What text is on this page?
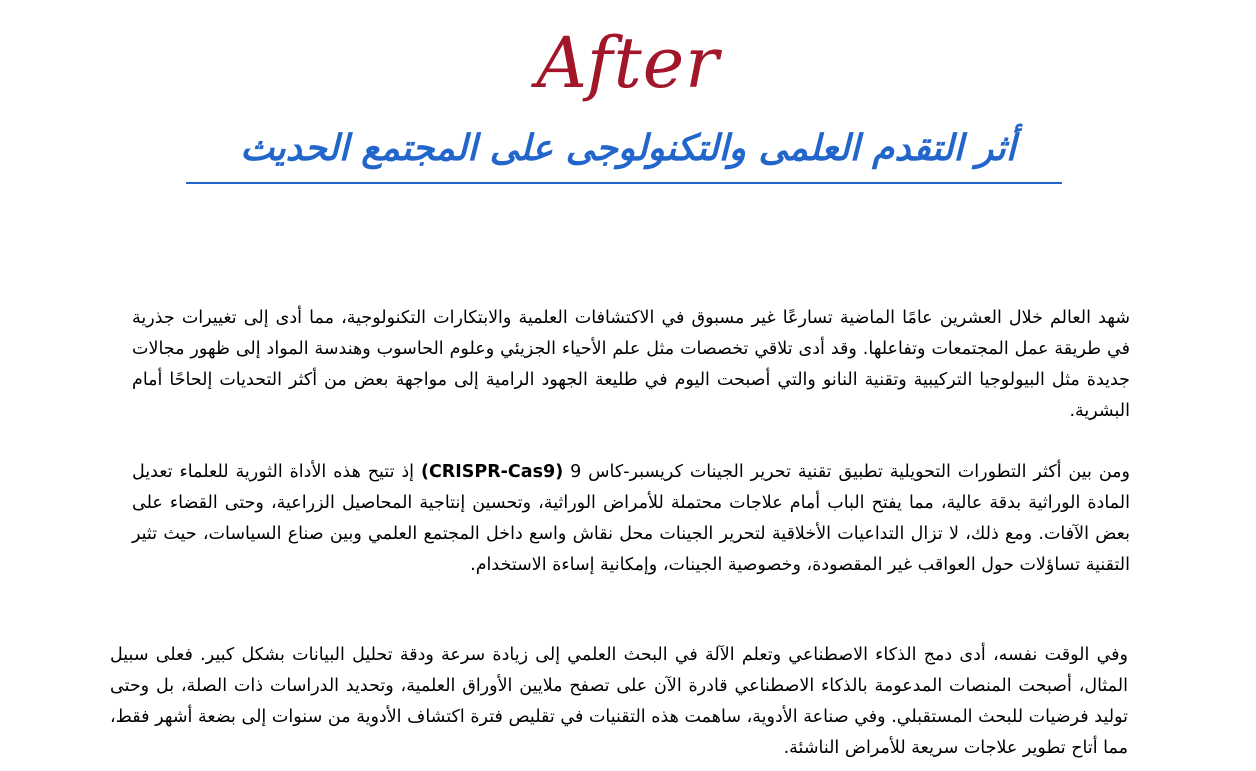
After
أثر التقدم العلمى والتكنولوجى على المجتمع الحديث

شهد العالم خلال العشرين عامًا الماضية تسارعًا غير مسبوق في الاكتشافات العلمية والابتكارات التكنولوجية، مما أدى إلى تغييرات جذرية في طريقة عمل المجتمعات وتفاعلها. وقد أدى تلاقي تخصصات مثل علم الأحياء الجزيئي وعلوم الحاسوب وهندسة المواد إلى ظهور مجالات جديدة مثل البيولوجيا التركيبية وتقنية النانو والتي أصبحت اليوم في طليعة الجهود الرامية إلى مواجهة بعض من أكثر التحديات إلحاحًا أمام البشرية.

ومن بين أكثر التطورات التحويلية تطبيق تقنية تحرير الجينات كريسبر-كاس 9 (CRISPR-Cas9) إذ تتيح هذه الأداة الثورية للعلماء تعديل المادة الوراثية بدقة عالية، مما يفتح الباب أمام علاجات محتملة للأمراض الوراثية، وتحسين إنتاجية المحاصيل الزراعية، وحتى القضاء على بعض الآفات. ومع ذلك، لا تزال التداعيات الأخلاقية لتحرير الجينات محل نقاش واسع داخل المجتمع العلمي وبين صناع السياسات، حيث تثير التقنية تساؤلات حول العواقب غير المقصودة، وخصوصية الجينات، وإمكانية إساءة الاستخدام.

وفي الوقت نفسه، أدى دمج الذكاء الاصطناعي وتعلم الآلة في البحث العلمي إلى زيادة سرعة ودقة تحليل البيانات بشكل كبير. فعلى سبيل المثال، أصبحت المنصات المدعومة بالذكاء الاصطناعي قادرة الآن على تصفح ملايين الأوراق العلمية، وتحديد الدراسات ذات الصلة، بل وحتى توليد فرضيات للبحث المستقبلي. وفي صناعة الأدوية، ساهمت هذه التقنيات في تقليص فترة اكتشاف الأدوية من سنوات إلى بضعة أشهر فقط، مما أتاح تطوير علاجات سريعة للأمراض الناشئة.
